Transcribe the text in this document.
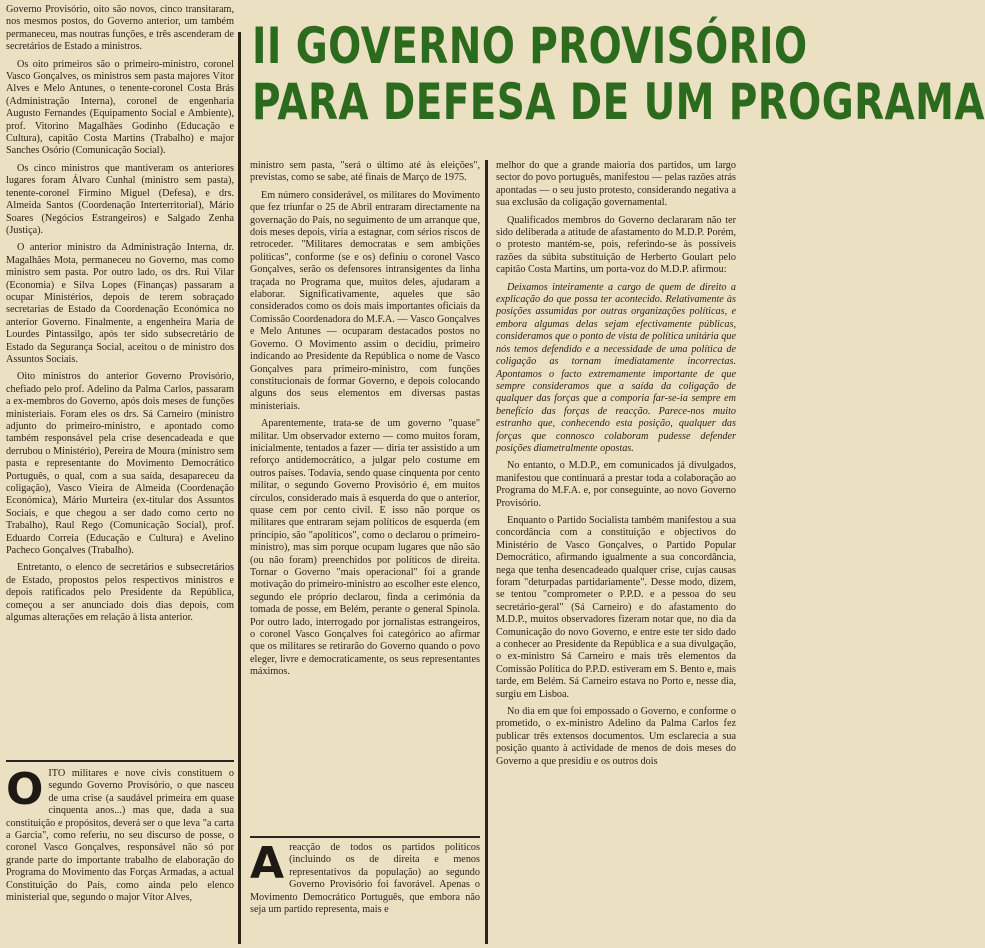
II GOVERNO PROVISÓRIO
PARA DEFESA DE UM PROGRAMA

Governo Provisório, oito são novos, cinco transitaram, nos mesmos postos, do Governo anterior, um também permaneceu, mas noutras funções, e três ascenderam de secretários de Estado a ministros.

Os oito primeiros são o primeiro-ministro, coronel Vasco Gonçalves, os ministros sem pasta majores Vítor Alves e Melo Antunes, o tenente-coronel Costa Brás (Administração Interna), coronel de engenharia Augusto Fernandes (Equipamento Social e Ambiente), prof. Vitorino Magalhães Godinho (Educação e Cultura), capitão Costa Martins (Trabalho) e major Sanches Osório (Comunicação Social).

Os cinco ministros que mantiveram os anteriores lugares foram Álvaro Cunhal (ministro sem pasta), tenente-coronel Firmino Miguel (Defesa), e drs. Almeida Santos (Coordenação Interterritorial), Mário Soares (Negócios Estrangeiros) e Salgado Zenha (Justiça).

O anterior ministro da Administração Interna, dr. Magalhães Mota, permaneceu no Governo, mas como ministro sem pasta. Por outro lado, os drs. Rui Vilar (Economia) e Silva Lopes (Finanças) passaram a ocupar Ministérios, depois de terem sobraçado secretarias de Estado da Coordenação Económica no anterior Governo. Finalmente, a engenheira Maria de Lourdes Pintassilgo, após ter sido subsecretário de Estado da Segurança Social, aceitou o de ministro dos Assuntos Sociais.

Oito ministros do anterior Governo Provisório, chefiado pelo prof. Adelino da Palma Carlos, passaram a ex-membros do Governo, após dois meses de funções ministeriais. Foram eles os drs. Sá Carneiro (ministro adjunto do primeiro-ministro, e apontado como também responsável pela crise desencadeada e que derrubou o Ministério), Pereira de Moura (ministro sem pasta e representante do Movimento Democrático Português, o qual, com a sua saída, desapareceu da coligação), Vasco Vieira de Almeida (Coordenação Económica), Mário Murteira (ex-titular dos Assuntos Sociais, e que chegou a ser dado como certo no Trabalho), Raul Rego (Comunicação Social), prof. Eduardo Correia (Educação e Cultura) e Avelino Pacheco Gonçalves (Trabalho).

Entretanto, o elenco de secretários e subsecretários de Estado, propostos pelos respectivos ministros e depois ratificados pelo Presidente da República, começou a ser anunciado dois dias depois, com algumas alterações em relação à lista anterior.

OITO militares e nove civis constituem o segundo Governo Provisório, o que nasceu de uma crise (a saudável primeira em quase cinquenta anos...) mas que, dada a sua constituição e propósitos, deverá ser o que leva "a carta a Garcia", como referiu, no seu discurso de posse, o coronel Vasco Gonçalves, responsável não só por grande parte do importante trabalho de elaboração do Programa do Movimento das Forças Armadas, a actual Constituição do País, como ainda pelo elenco ministerial que, segundo o major Vítor Alves,

ministro sem pasta, "será o último até às eleições", previstas, como se sabe, até finais de Março de 1975.

Em número considerável, os militares do Movimento que fez triunfar o 25 de Abril entraram directamente na governação do País, no seguimento de um arranque que, dois meses depois, viria a estagnar, com sérios riscos de retroceder. "Militares democratas e sem ambições políticas", conforme (se e os) definiu o coronel Vasco Gonçalves, serão os defensores intransigentes da linha traçada no Programa que, muitos deles, ajudaram a elaborar. Significativamente, aqueles que são considerados como os dois mais importantes oficiais da Comissão Coordenadora do M.F.A. — Vasco Gonçalves e Melo Antunes — ocuparam destacados postos no Governo. O Movimento assim o decidiu, primeiro indicando ao Presidente da República o nome de Vasco Gonçalves para primeiro-ministro, com funções constitucionais de formar Governo, e depois colocando alguns dos seus elementos em diversas pastas ministeriais.

Aparentemente, trata-se de um governo "quase" militar. Um observador externo — como muitos foram, inicialmente, tentados a fazer — diria ter assistido a um reforço antidemocrático, a julgar pelo costume em outros países. Todavia, sendo quase cinquenta por cento militar, o segundo Governo Provisório é, em muitos círculos, considerado mais à esquerda do que o anterior, quase cem por cento civil. E isso não porque os militares que entraram sejam políticos de esquerda (em princípio, são "apolíticos", como o declarou o primeiro-ministro), mas sim porque ocupam lugares que não são (ou não foram) preenchidos por políticos de direita. Tornar o Governo "mais operacional" foi a grande motivação do primeiro-ministro ao escolher este elenco, segundo ele próprio declarou, finda a cerimónia da tomada de posse, em Belém, perante o general Spínola. Por outro lado, interrogado por jornalistas estrangeiros, o coronel Vasco Gonçalves foi categórico ao afirmar que os militares se retirarão do Governo quando o povo eleger, livre e democraticamente, os seus representantes máximos.

Areacção de todos os partidos políticos (incluindo os de direita e menos representativos da população) ao segundo Governo Provisório foi favorável. Apenas o Movimento Democrático Português, que embora não seja um partido representa, mais e

melhor do que a grande maioria dos partidos, um largo sector do povo português, manifestou — pelas razões atrás apontadas — o seu justo protesto, considerando negativa a sua exclusão da coligação governamental.

Qualificados membros do Governo declararam não ter sido deliberada a atitude de afastamento do M.D.P. Porém, o protesto mantém-se, pois, referindo-se às possíveis razões da súbita substituição de Herberto Goulart pelo capitão Costa Martins, um porta-voz do M.D.P. afirmou:

Deixamos inteiramente a cargo de quem de direito a explicação do que possa ter acontecido. Relativamente às posições assumidas por outras organizações políticas, e embora algumas delas sejam efectivamente públicas, consideramos que o ponto de vista de política unitária que nós temos defendido e a necessidade de uma política de coligação as tornam imediatamente incorrectas. Apontamos o facto extremamente importante de que sempre consideramos que a saída da coligação de qualquer das forças que a comporia far-se-ia sempre em benefício das forças de reacção. Parece-nos muito estranho que, conhecendo esta posição, qualquer das forças que connosco colaboram pudesse defender posições diametralmente opostas.

No entanto, o M.D.P., em comunicados já divulgados, manifestou que continuará a prestar toda a colaboração ao Programa do M.F.A. e, por conseguinte, ao novo Governo Provisório.

Enquanto o Partido Socialista também manifestou a sua concordância com a constituição e objectivos do Ministério de Vasco Gonçalves, o Partido Popular Democrático, afirmando igualmente a sua concordância, nega que tenha desencadeado qualquer crise, cujas causas foram "deturpadas partidariamente". Desse modo, dizem, se tentou "comprometer o P.P.D. e a pessoa do seu secretário-geral" (Sá Carneiro) e do afastamento do M.D.P., muitos observadores fizeram notar que, no dia da Comunicação do novo Governo, e entre este ter sido dado a conhecer ao Presidente da República e a sua divulgação, o ex-ministro Sá Carneiro e mais três elementos da Comissão Política do P.P.D. estiveram em S. Bento e, mais tarde, em Belém. Sá Carneiro estava no Porto e, nesse dia, surgiu em Lisboa.

No dia em que foi empossado o Governo, e conforme o prometido, o ex-ministro Adelino da Palma Carlos fez publicar três extensos documentos. Um esclarecia a sua posição quanto à actividade de menos de dois meses do Governo a que presidiu e os outros dois
